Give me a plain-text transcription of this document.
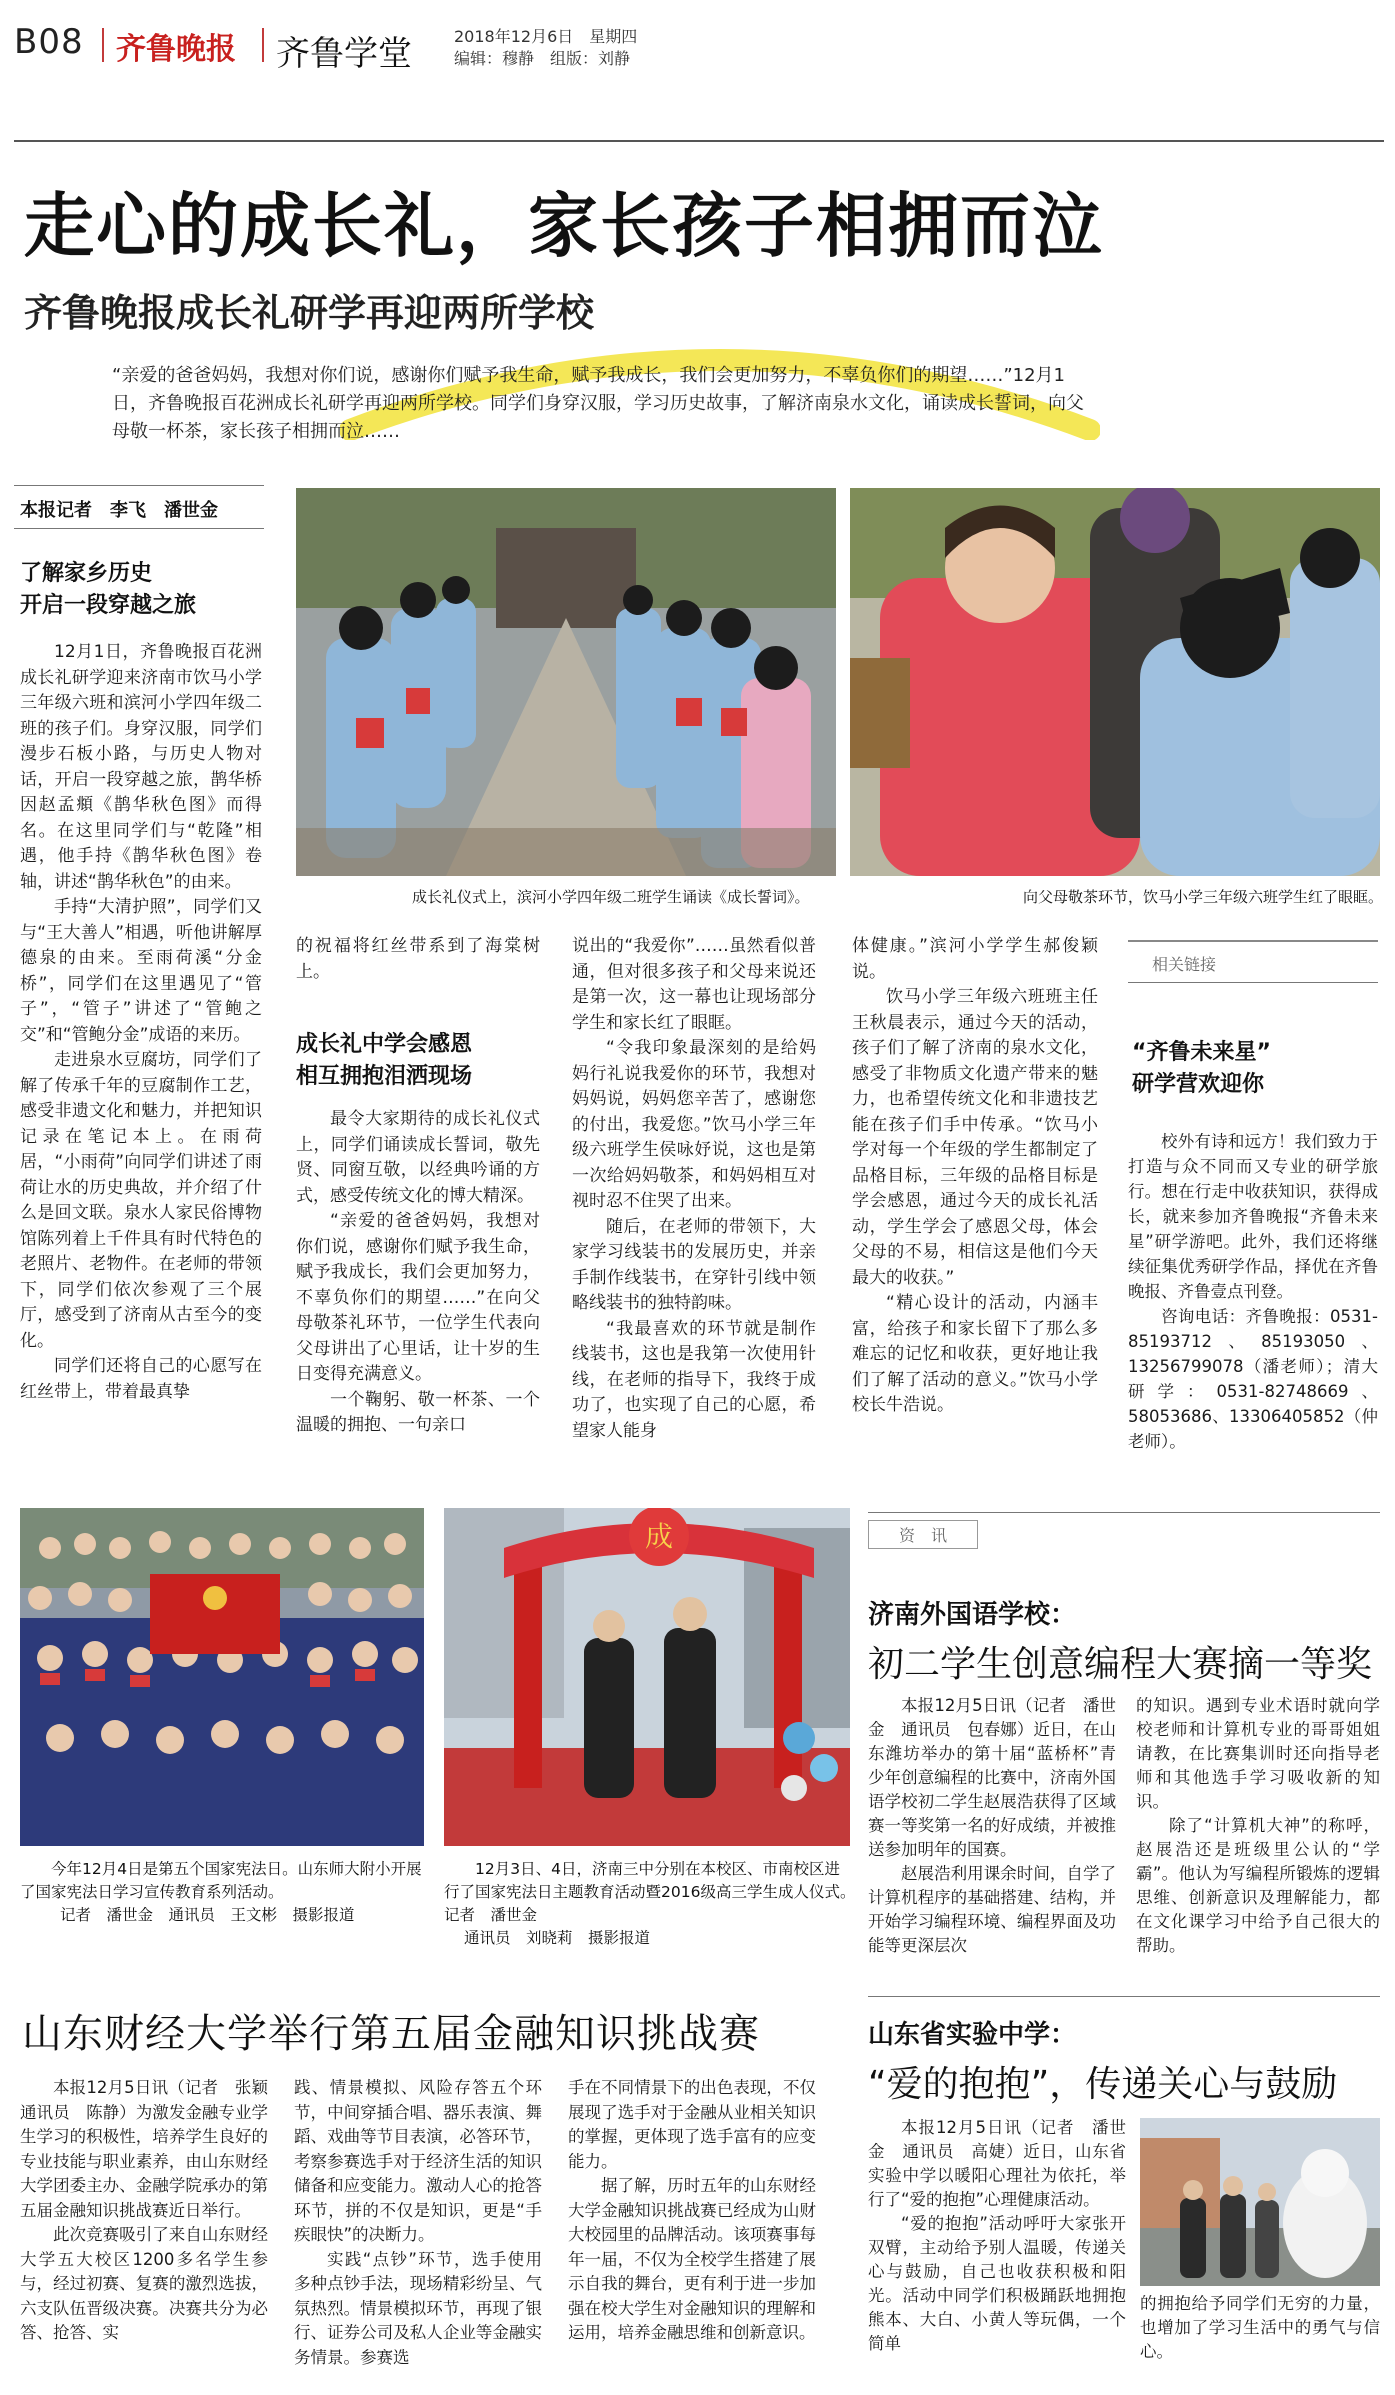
B08 齐鲁晚报 齐鲁学堂	2018年12月6日　星期四
编辑：穆静　组版：刘静
走心的成长礼，家长孩子相拥而泣
齐鲁晚报成长礼研学再迎两所学校
“亲爱的爸爸妈妈，我想对你们说，感谢你们赋予我生命，赋予我成长，我们会更加努力，不辜负你们的期望……”12月1日，齐鲁晚报百花洲成长礼研学再迎两所学校。同学们身穿汉服，学习历史故事，了解济南泉水文化，诵读成长誓词，向父母敬一杯茶，家长孩子相拥而泣……
本报记者　李飞　潘世金
成长礼仪式上，滨河小学四年级二班学生诵读《成长誓词》。	向父母敬茶环节，饮马小学三年级六班学生红了眼眶。
了解家乡历史
开启一段穿越之旅

12月1日，齐鲁晚报百花洲成长礼研学迎来济南市饮马小学三年级六班和滨河小学四年级二班的孩子们。身穿汉服，同学们漫步石板小路，与历史人物对话，开启一段穿越之旅，鹊华桥因赵孟頫《鹊华秋色图》而得名。在这里同学们与“乾隆”相遇，他手持《鹊华秋色图》卷轴，讲述“鹊华秋色”的由来。

手持“大清护照”，同学们又与“王大善人”相遇，听他讲解厚德泉的由来。至雨荷溪“分金桥”，同学们在这里遇见了“管子”，“管子”讲述了“管鲍之交”和“管鲍分金”成语的来历。

走进泉水豆腐坊，同学们了解了传承千年的豆腐制作工艺，感受非遗文化和魅力，并把知识记录在笔记本上。在雨荷居，“小雨荷”向同学们讲述了雨荷让水的历史典故，并介绍了什么是回文联。泉水人家民俗博物馆陈列着上千件具有时代特色的老照片、老物件。在老师的带领下，同学们依次参观了三个展厅，感受到了济南从古至今的变化。

同学们还将自己的心愿写在红丝带上，带着最真挚

的祝福将红丝带系到了海棠树上。

成长礼中学会感恩
相互拥抱泪洒现场

最令大家期待的成长礼仪式上，同学们诵读成长誓词，敬先贤、同窗互敬，以经典吟诵的方式，感受传统文化的博大精深。

“亲爱的爸爸妈妈，我想对你们说，感谢你们赋予我生命，赋予我成长，我们会更加努力，不辜负你们的期望……”在向父母敬茶礼环节，一位学生代表向父母讲出了心里话，让十岁的生日变得充满意义。

一个鞠躬、敬一杯茶、一个温暖的拥抱、一句亲口

说出的“我爱你”……虽然看似普通，但对很多孩子和父母来说还是第一次，这一幕也让现场部分学生和家长红了眼眶。

“令我印象最深刻的是给妈妈行礼说我爱你的环节，我想对妈妈说，妈妈您辛苦了，感谢您的付出，我爱您。”饮马小学三年级六班学生侯咏妤说，这也是第一次给妈妈敬茶，和妈妈相互对视时忍不住哭了出来。

随后，在老师的带领下，大家学习线装书的发展历史，并亲手制作线装书，在穿针引线中领略线装书的独特韵味。

“我最喜欢的环节就是制作线装书，这也是我第一次使用针线，在老师的指导下，我终于成功了，也实现了自己的心愿，希望家人能身

体健康。”滨河小学学生郝俊颖说。

饮马小学三年级六班班主任王秋晨表示，通过今天的活动，孩子们了解了济南的泉水文化，感受了非物质文化遗产带来的魅力，也希望传统文化和非遗技艺能在孩子们手中传承。“饮马小学对每一个年级的学生都制定了品格目标，三年级的品格目标是学会感恩，通过今天的成长礼活动，学生学会了感恩父母，体会父母的不易，相信这是他们今天最大的收获。”

“精心设计的活动，内涵丰富，给孩子和家长留下了那么多难忘的记忆和收获，更好地让我们了解了活动的意义。”饮马小学校长牛浩说。

相关链接
“齐鲁未来星”
研学营欢迎你

校外有诗和远方！我们致力于打造与众不同而又专业的研学旅行。想在行走中收获知识，获得成长，就来参加齐鲁晚报“齐鲁未来星”研学游吧。此外，我们还将继续征集优秀研学作品，择优在齐鲁晚报、齐鲁壹点刊登。

咨询电话：齐鲁晚报：0531-85193712、85193050、13256799078（潘老师）；清大研学：0531-82748669、58053686、13306405852（仲老师）。

成
今年12月4日是第五个国家宪法日。山东师大附小开展了国家宪法日学习宣传教育系列活动。
记者　潘世金　通讯员　王文彬　摄影报道
12月3日、4日，济南三中分别在本校区、市南校区进行了国家宪法日主题教育活动暨2016级高三学生成人仪式。　记者　潘世金
通讯员　刘晓莉　摄影报道
资　讯
济南外国语学校：
初二学生创意编程大赛摘一等奖

本报12月5日讯（记者　潘世金　通讯员　包春娜）近日，在山东潍坊举办的第十届“蓝桥杯”青少年创意编程的比赛中，济南外国语学校初二学生赵展浩获得了区域赛一等奖第一名的好成绩，并被推送参加明年的国赛。

赵展浩利用课余时间，自学了计算机程序的基础搭建、结构，并开始学习编程环境、编程界面及功能等更深层次

的知识。遇到专业术语时就向学校老师和计算机专业的哥哥姐姐请教，在比赛集训时还向指导老师和其他选手学习吸收新的知识。

除了“计算机大神”的称呼，赵展浩还是班级里公认的“学霸”。他认为写编程所锻炼的逻辑思维、创新意识及理解能力，都在文化课学习中给予自己很大的帮助。

山东财经大学举行第五届金融知识挑战赛

本报12月5日讯（记者　张颖　通讯员　陈静）为激发金融专业学生学习的积极性，培养学生良好的专业技能与职业素养，由山东财经大学团委主办、金融学院承办的第五届金融知识挑战赛近日举行。

此次竞赛吸引了来自山东财经大学五大校区1200多名学生参与，经过初赛、复赛的激烈选拔，六支队伍晋级决赛。决赛共分为必答、抢答、实

践、情景模拟、风险存答五个环节，中间穿插合唱、器乐表演、舞蹈、戏曲等节目表演，必答环节，考察参赛选手对于经济生活的知识储备和应变能力。激动人心的抢答环节，拼的不仅是知识，更是“手疾眼快”的决断力。

实践“点钞”环节，选手使用多种点钞手法，现场精彩纷呈、气氛热烈。情景模拟环节，再现了银行、证券公司及私人企业等金融实务情景。参赛选

手在不同情景下的出色表现，不仅展现了选手对于金融从业相关知识的掌握，更体现了选手富有的应变能力。

据了解，历时五年的山东财经大学金融知识挑战赛已经成为山财大校园里的品牌活动。该项赛事每年一届，不仅为全校学生搭建了展示自我的舞台，更有利于进一步加强在校大学生对金融知识的理解和运用，培养金融思维和创新意识。

山东省实验中学：
“爱的抱抱”，传递关心与鼓励

本报12月5日讯（记者　潘世金　通讯员　高婕）近日，山东省实验中学以暖阳心理社为依托，举行了“爱的抱抱”心理健康活动。

“爱的抱抱”活动呼吁大家张开双臂，主动给予别人温暖，传递关心与鼓励，自己也收获积极和阳光。活动中同学们积极踊跃地拥抱熊本、大白、小黄人等玩偶，一个简单

的拥抱给予同学们无穷的力量，也增加了学习生活中的勇气与信心。
